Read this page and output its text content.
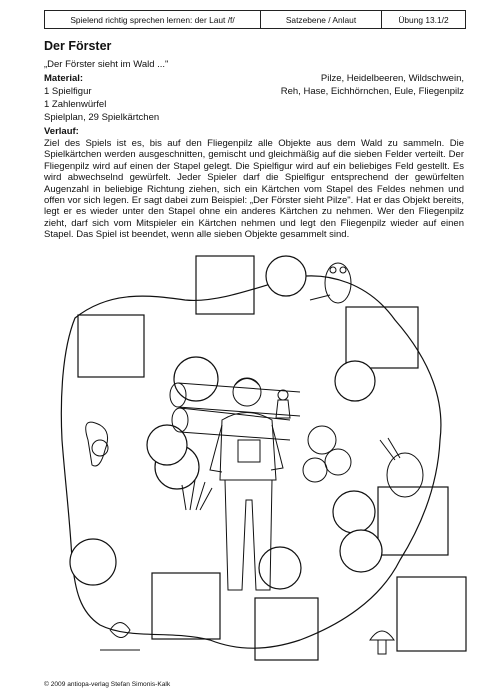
Spielend richtig sprechen lernen: der Laut /f/	Satzebene / Anlaut	Übung 13.1/2
Der Förster
„Der Förster sieht im Wald ..."
Material:	Pilze, Heidelbeeren, Wildschwein,
1 Spielfigur	Reh, Hase, Eichhörnchen, Eule, Fliegenpilz
1 Zahlenwürfel
Spielplan, 29 Spielkärtchen
Verlauf:
Ziel des Spiels ist es, bis auf den Fliegenpilz alle Objekte aus dem Wald zu sammeln. Die Spielkärtchen werden ausgeschnitten, gemischt und gleichmäßig auf die sieben Felder verteilt. Der Fliegenpilz wird auf einen der Stapel gelegt. Die Spielfigur wird auf ein beliebiges Feld gestellt. Es wird abwechselnd gewürfelt. Jeder Spieler darf die Spielfigur entsprechend der gewürfelten Augenzahl in beliebige Richtung ziehen, sich ein Kärtchen vom Stapel des Feldes nehmen und offen vor sich legen. Er sagt dabei zum Beispiel: „Der Förster sieht Pilze". Hat er das Objekt bereits, legt er es wieder unter den Stapel ohne ein anderes Kärtchen zu nehmen. Wer den Fliegenpilz zieht, darf sich vom Mitspieler ein Kärtchen nehmen und legt den Fliegenpilz wieder auf einen Stapel. Das Spiel ist beendet, wenn alle sieben Objekte gesammelt sind.
© 2009 antiopa-verlag Stefan Simonis-Kalk
